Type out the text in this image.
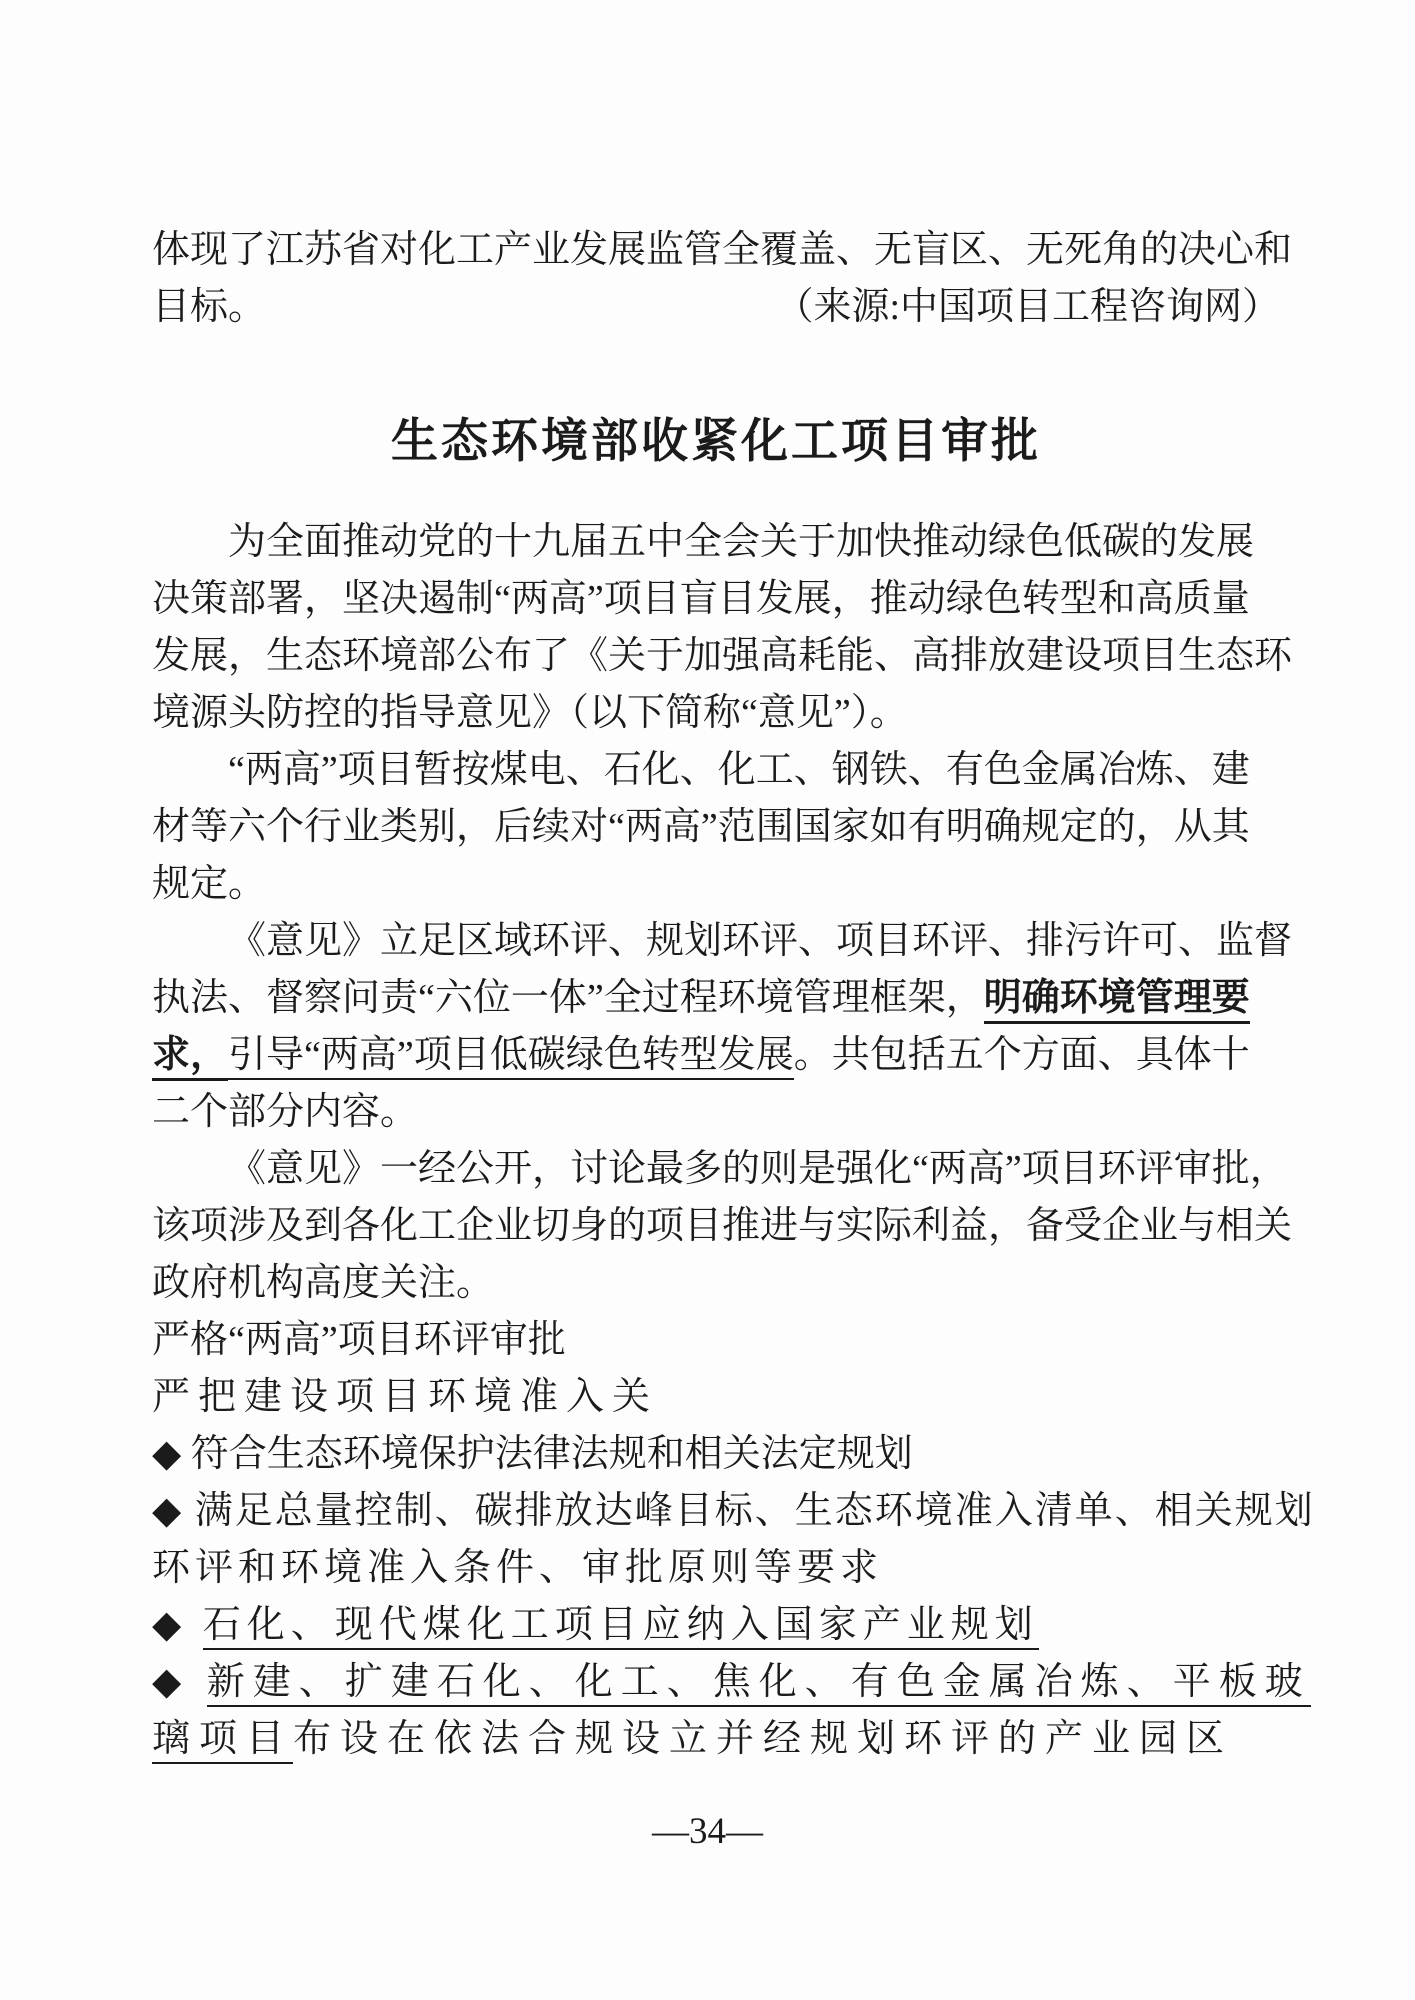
体现了江苏省对化工产业发展监管全覆盖、无盲区、无死角的决心和
目标。	（来源:中国项目工程咨询网）
生态环境部收紧化工项目审批
为全面推动党的十九届五中全会关于加快推动绿色低碳的发展
决策部署，坚决遏制“两高”项目盲目发展，推动绿色转型和高质量
发展，生态环境部公布了《关于加强高耗能、高排放建设项目生态环
境源头防控的指导意见》（以下简称“意见”）。
“两高”项目暂按煤电、石化、化工、钢铁、有色金属冶炼、建
材等六个行业类别，后续对“两高”范围国家如有明确规定的，从其
规定。
《意见》立足区域环评、规划环评、项目环评、排污许可、监督
执法、督察问责“六位一体”全过程环境管理框架，明确环境管理要
求，引导“两高”项目低碳绿色转型发展。共包括五个方面、具体十
二个部分内容。
《意见》一经公开，讨论最多的则是强化“两高”项目环评审批，
该项涉及到各化工企业切身的项目推进与实际利益，备受企业与相关
政府机构高度关注。
严格“两高”项目环评审批
严把建设项目环境准入关
◆ 符合生态环境保护法律法规和相关法定规划
◆ 满足总量控制、碳排放达峰目标、生态环境准入清单、相关规划
环评和环境准入条件、审批原则等要求
◆ 石化、现代煤化工项目应纳入国家产业规划
◆ 新建、扩建石化、化工、焦化、有色金属冶炼、平板玻
璃项目布设在依法合规设立并经规划环评的产业园区
—34—
